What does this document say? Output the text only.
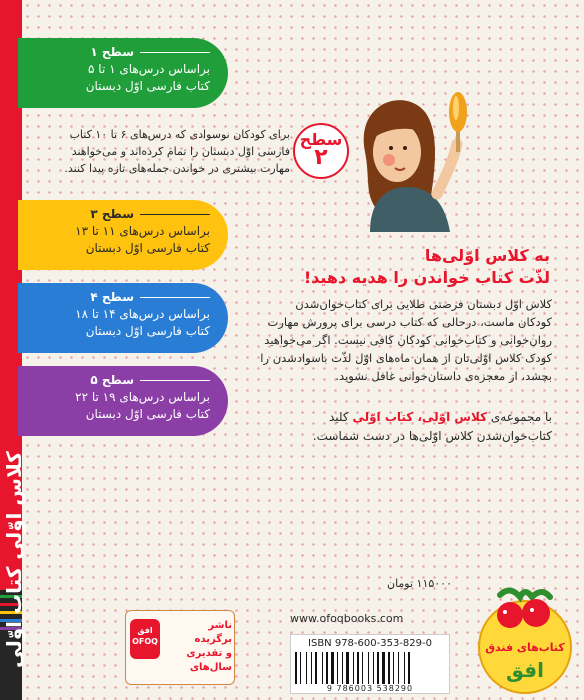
کلاس اوّلی کتاب اوّلی
سطح ۱
براساس درس‌های ۱ تا ۵
کتاب فارسی اوّل دبستان
سطح
۲
برای کودکان نوسوادی که درس‌های ۶ تا ۱۰ کتاب
فارسی اوّل دبستان را تمام کرده‌اند و می‌خواهند
مهارت بیشتری در خواندن جمله‌های تازه پیدا کنند.
سطح ۳
براساس درس‌های ۱۱ تا ۱۳
کتاب فارسی اوّل دبستان
سطح ۴
براساس درس‌های ۱۴ تا ۱۸
کتاب فارسی اوّل دبستان
سطح ۵
براساس درس‌های ۱۹ تا ۲۲
کتاب فارسی اوّل دبستان
به کلاس اوّلی‌ها
لذّت کتاب خواندن را هدیه دهید!
کلاس اوّل دبستان فرصتی طلایی برای کتاب‌خوان‌شدن
کودکان ماست، درحالی که کتاب درسی برای پرورش مهارت
روان‌خوانی و کتاب‌خوانی کودکان کافی نیست. اگر می‌خواهید
کودک کلاس اوّلی‌تان از همان ماه‌های اوّل لذّت باسواد‌شدن را
بچشد، از معجزه‌ی داستان‌خوانی غافل نشوید.
با مجموعه‌ی کلاس اوّلی، کتاب اوّلی کلید
کتاب‌خوان‌شدن کلاس اوّلی‌ها در دست شماست.
۱۱۵۰۰۰ تومان
www.ofoqbooks.com
ISBN 978-600-353-829-0
9 786003 538290
افق
OFOQ
ناشر
برگزیده
و تقدیری
سال‌های
کتاب‌های فندق
افق
